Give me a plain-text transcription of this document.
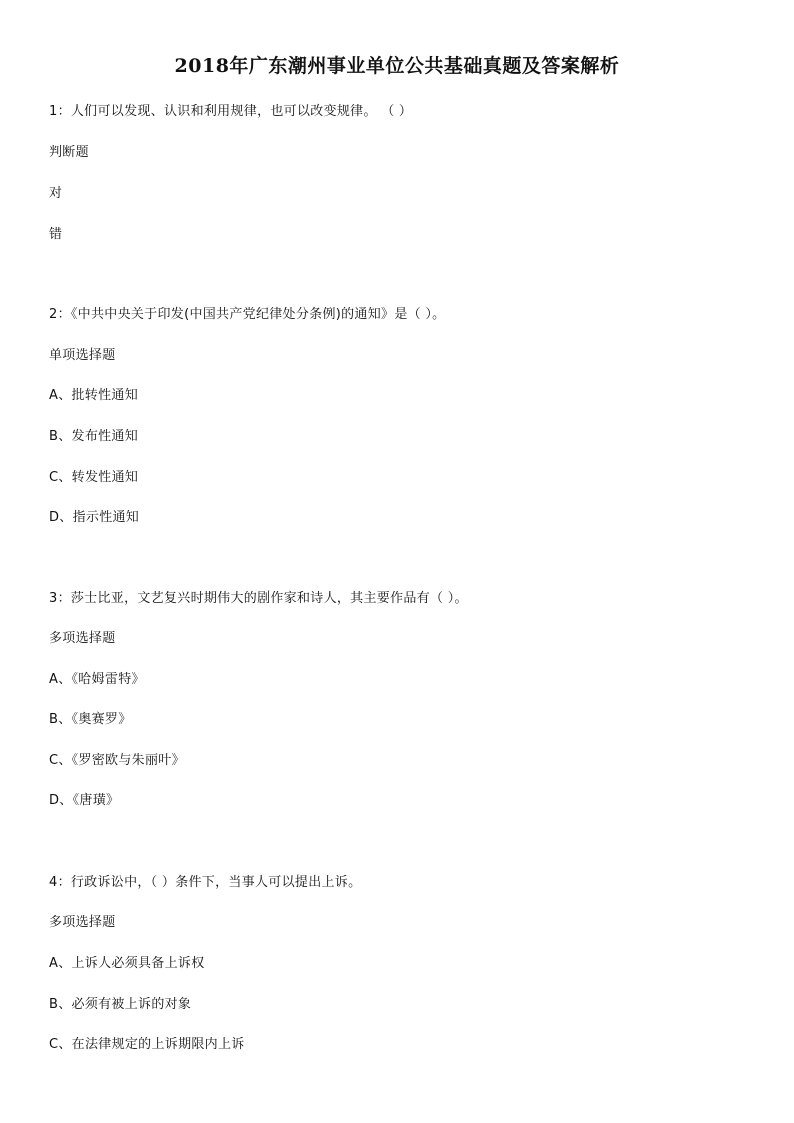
2018年广东潮州事业单位公共基础真题及答案解析
1：人们可以发现、认识和利用规律，也可以改变规律。 （ ）
判断题
对
错
2：《中共中央关于印发(中国共产党纪律处分条例)的通知》是（ ）。
单项选择题
A、批转性通知
B、发布性通知
C、转发性通知
D、指示性通知
3：莎士比亚，文艺复兴时期伟大的剧作家和诗人，其主要作品有（ ）。
多项选择题
A、《哈姆雷特》
B、《奥赛罗》
C、《罗密欧与朱丽叶》
D、《唐璜》
4：行政诉讼中，（ ）条件下，当事人可以提出上诉。
多项选择题
A、上诉人必须具备上诉权
B、必须有被上诉的对象
C、在法律规定的上诉期限内上诉
